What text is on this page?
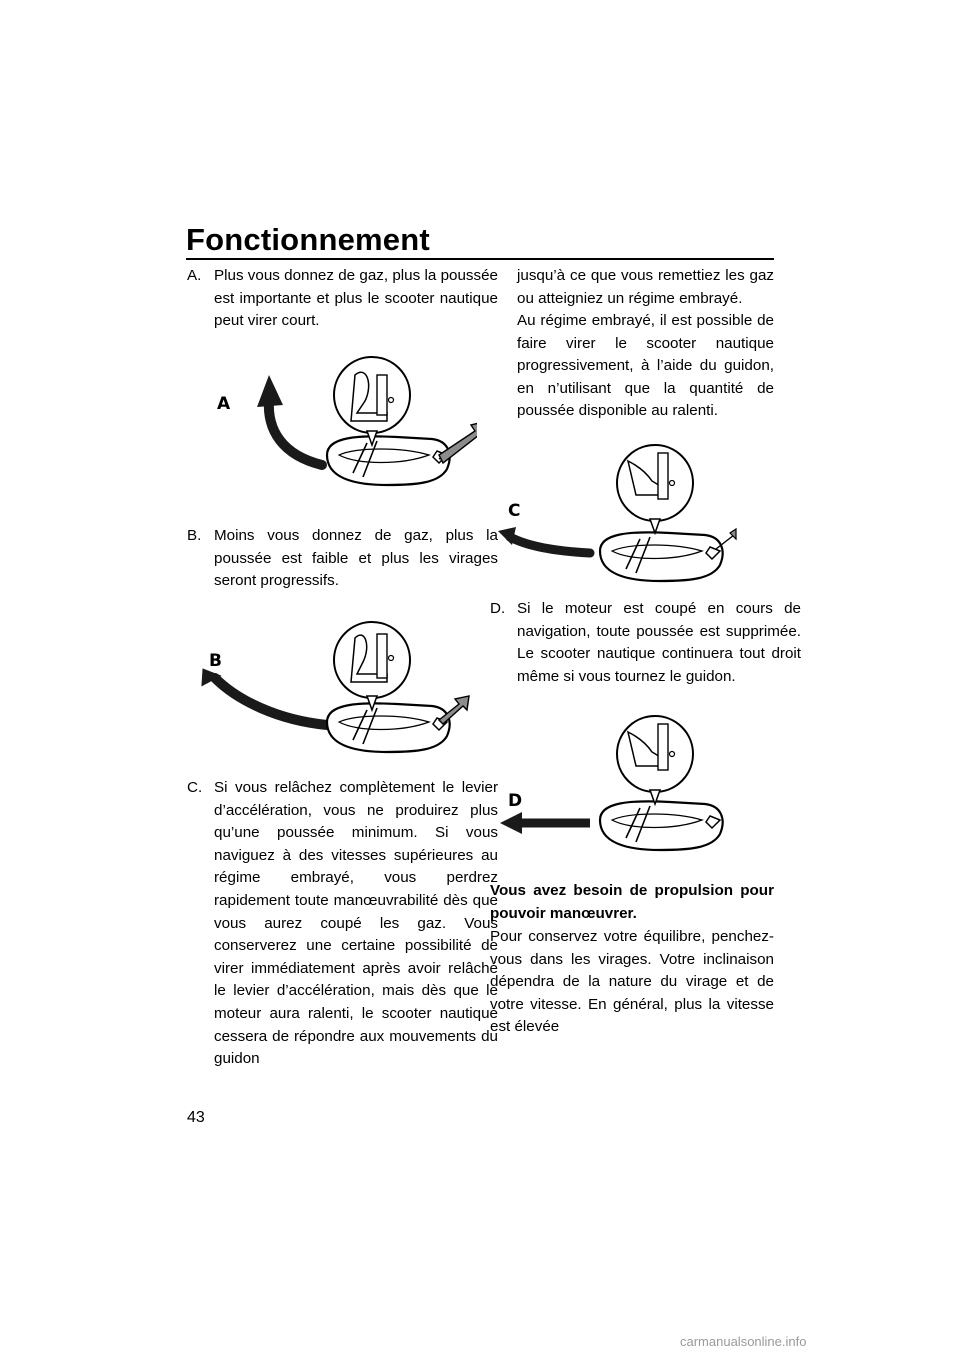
Fonctionnement
A. Plus vous donnez de gaz, plus la poussée est importante et plus le scooter nautique peut virer court.
A
B. Moins vous donnez de gaz, plus la poussée est faible et plus les virages seront progressifs.
B
C. Si vous relâchez complètement le levier d’accélération, vous ne produirez plus qu’une poussée minimum. Si vous naviguez à des vitesses supérieures au régime embrayé, vous perdrez rapidement toute manœuvrabilité dès que vous aurez coupé les gaz. Vous conserverez une certaine possibilité de virer immédiatement après avoir relâché le levier d’accélération, mais dès que le moteur aura ralenti, le scooter nautique cessera de répondre aux mouvements du guidon
jusqu’à ce que vous remettiez les gaz ou atteigniez un régime embrayé.
Au régime embrayé, il est possible de faire virer le scooter nautique progressivement, à l’aide du guidon, en n’utilisant que la quantité de poussée disponible au ralenti.
C
D. Si le moteur est coupé en cours de navigation, toute poussée est supprimée. Le scooter nautique continuera tout droit même si vous tournez le guidon.
D
Vous avez besoin de propulsion pour pouvoir manœuvrer.
Pour conservez votre équilibre, penchez-vous dans les virages. Votre inclinaison dépendra de la nature du virage et de votre vitesse. En général, plus la vitesse est élevée
43
carmanualsonline.info
